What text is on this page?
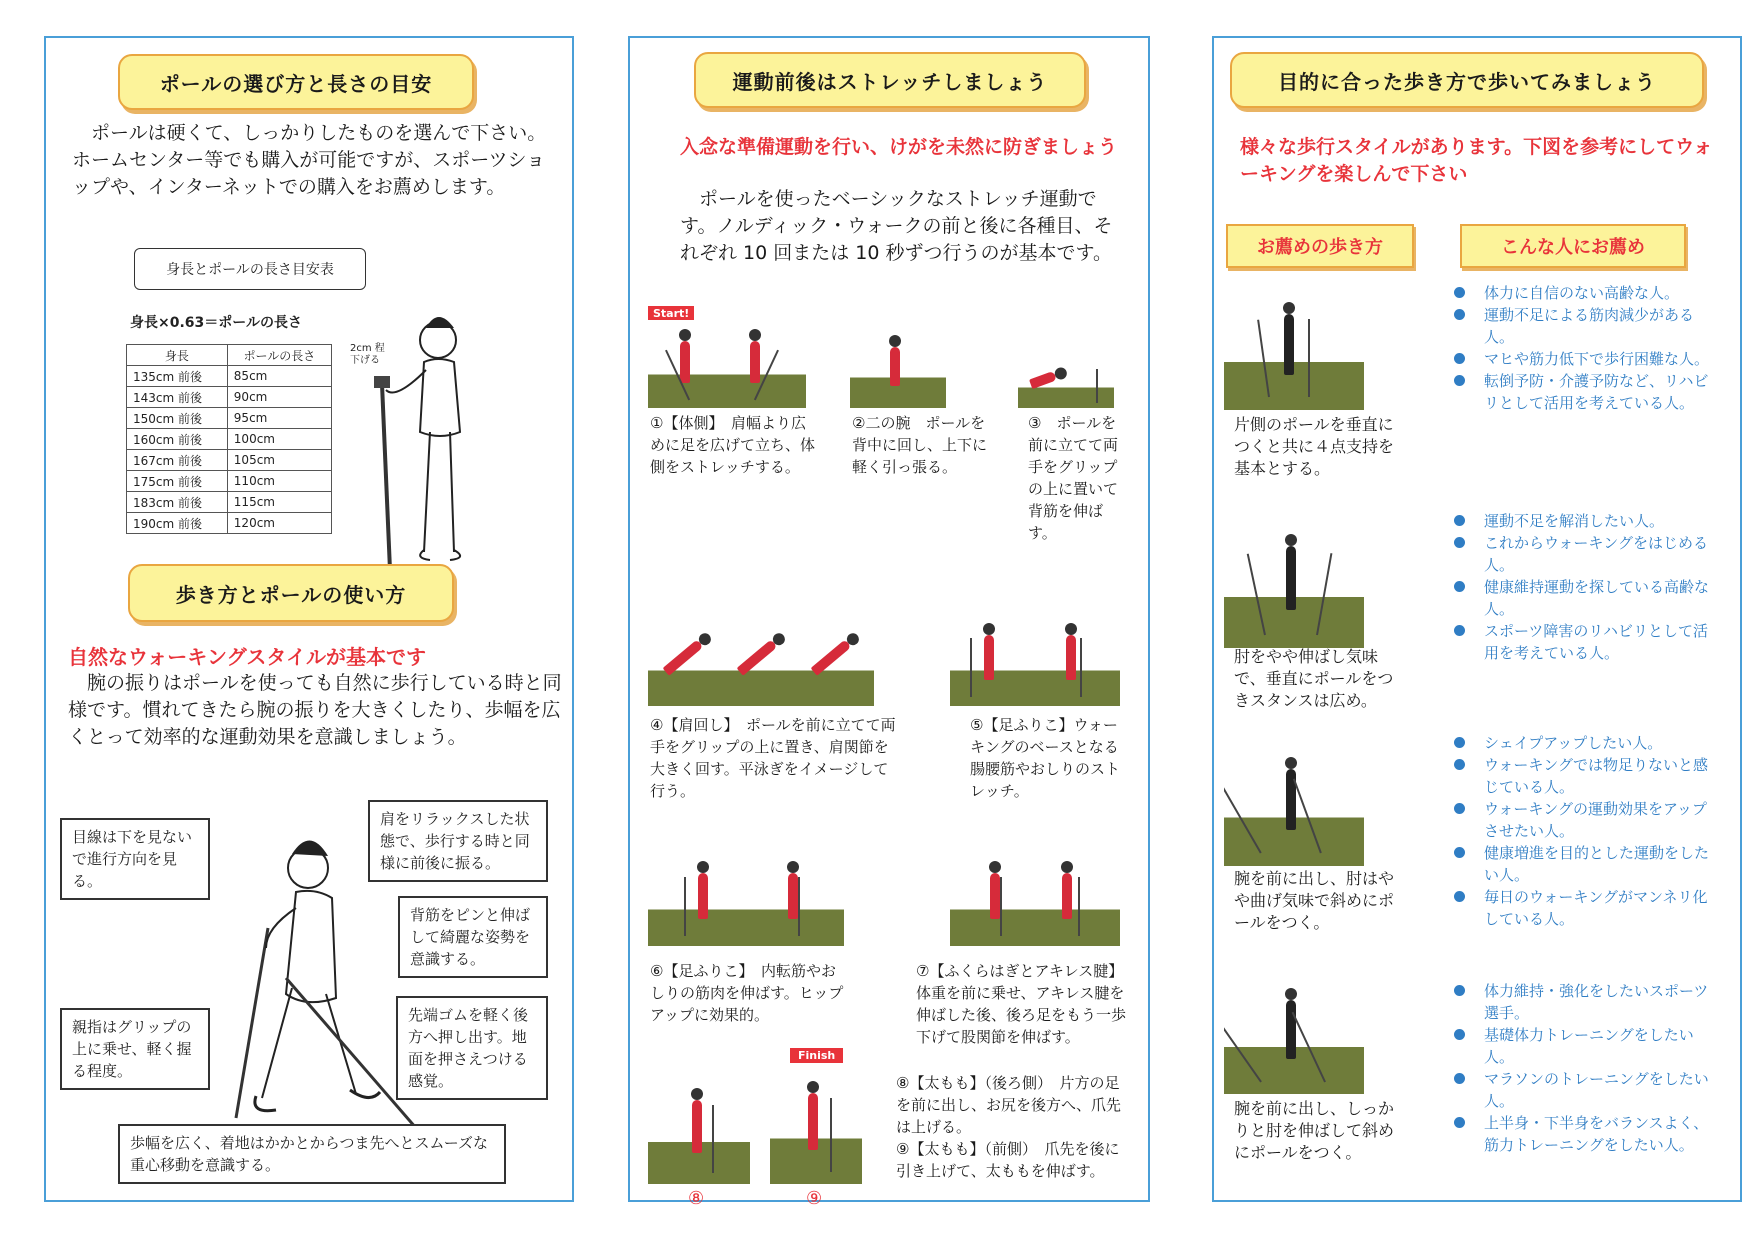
ポールの選び方と長さの目安
ポールは硬くて、しっかりしたものを選んで下さい。ホームセンター等でも購入が可能ですが、スポーツショップや、インターネットでの購入をお薦めします。
身長とポールの長さ目安表
身長×0.63＝ポールの長さ
身長	ポールの長さ
135cm 前後	85cm
143cm 前後	90cm
150cm 前後	95cm
160cm 前後	100cm
167cm 前後	105cm
175cm 前後	110cm
183cm 前後	115cm
190cm 前後	120cm
2cm 程下げる
歩き方とポールの使い方
自然なウォーキングスタイルが基本です
腕の振りはポールを使っても自然に歩行している時と同様です。慣れてきたら腕の振りを大きくしたり、歩幅を広くとって効率的な運動効果を意識しましょう。
目線は下を見ないで進行方向を見る。
肩をリラックスした状態で、歩行する時と同様に前後に振る。
背筋をピンと伸ばして綺麗な姿勢を意識する。
親指はグリップの上に乗せ、軽く握る程度。
先端ゴムを軽く後方へ押し出す。地面を押さえつける感覚。
歩幅を広く、着地はかかとからつま先へとスムーズな重心移動を意識する。
運動前後はストレッチしましょう
入念な準備運動を行い、けがを未然に防ぎましょう
ポールを使ったベーシックなストレッチ運動です。ノルディック・ウォークの前と後に各種目、それぞれ 10 回または 10 秒ずつ行うのが基本です。
Start!
①【体側】　肩幅より広めに足を広げて立ち、体側をストレッチする。
②二の腕　ポールを背中に回し、上下に軽く引っ張る。
③　ポールを前に立てて両手をグリップの上に置いて背筋を伸ばす。
④【肩回し】　ポールを前に立てて両手をグリップの上に置き、肩関節を大きく回す。平泳ぎをイメージして行う。
⑤【足ふりこ】ウォーキングのベースとなる腸腰筋やおしりのストレッチ。
⑥【足ふりこ】　内転筋やおしりの筋肉を伸ばす。ヒップアップに効果的。
⑦【ふくらはぎとアキレス腱】　体重を前に乗せ、アキレス腱を伸ばした後、後ろ足をもう一歩下げて股関節を伸ばす。
⑧【太もも】（後ろ側）　片方の足を前に出し、お尻を後方へ、爪先は上げる。
⑨【太もも】（前側）　爪先を後に引き上げて、太ももを伸ばす。
Finish
⑧	⑨
目的に合った歩き方で歩いてみましょう
様々な歩行スタイルがあります。下図を参考にしてウォーキングを楽しんで下さい
お薦めの歩き方	こんな人にお薦め
片側のポールを垂直につくと共に４点支持を基本とする。
体力に自信のない高齢な人。
運動不足による筋肉減少がある人。
マヒや筋力低下で歩行困難な人。
転倒予防・介護予防など、リハビリとして活用を考えている人。
肘をやや伸ばし気味で、垂直にポールをつきスタンスは広め。
運動不足を解消したい人。
これからウォーキングをはじめる人。
健康維持運動を探している高齢な人。
スポーツ障害のリハビリとして活用を考えている人。
腕を前に出し、肘はやや曲げ気味で斜めにポールをつく。
シェイプアップしたい人。
ウォーキングでは物足りないと感じている人。
ウォーキングの運動効果をアップさせたい人。
健康増進を目的とした運動をしたい人。
毎日のウォーキングがマンネリ化している人。
腕を前に出し、しっかりと肘を伸ばして斜めにポールをつく。
体力維持・強化をしたいスポーツ選手。
基礎体力トレーニングをしたい人。
マラソンのトレーニングをしたい人。
上半身・下半身をバランスよく、筋力トレーニングをしたい人。
